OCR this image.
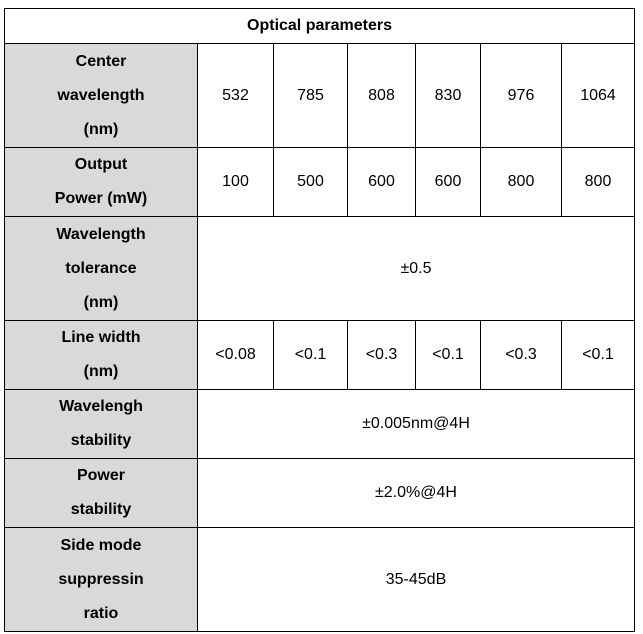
Optical parameters						

Center
wavelength
(nm)	532	785	808	830	976	1064

Output
Power (mW)	100	500	600	600	800	800

Wavelength
tolerance
(nm)	±0.5					

Line width
(nm)	<0.08	<0.1	<0.3	<0.1	<0.3	<0.1

Wavelengh
stability	±0.005nm@4H					

Power
stability	±2.0%@4H					

Side mode
suppressin
ratio	35-45dB					
